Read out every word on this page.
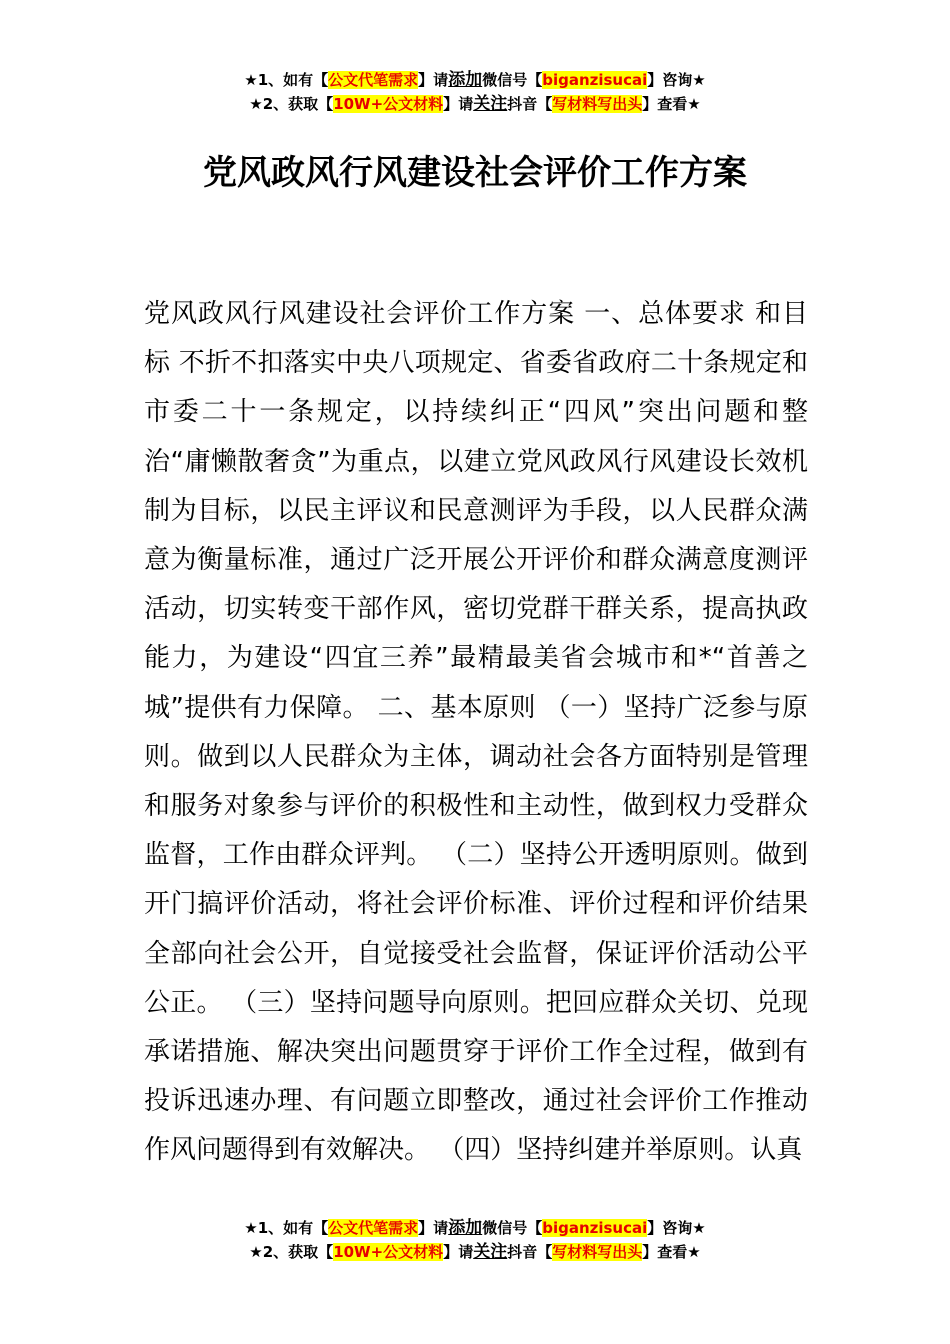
★1、如有【公文代笔需求】请添加微信号【biganzisucai】咨询★
★2、获取【10W+公文材料】请关注抖音【写材料写出头】查看★
党风政风行风建设社会评价工作方案

党风政风行风建设社会评价工作方案 一、总体要求 和目标 不折不扣落实中央八项规定、省委省政府二十条规定和市委二十一条规定，以持续纠正“四风”突出问题和整治“庸懒散奢贪”为重点，以建立党风政风行风建设长效机制为目标，以民主评议和民意测评为手段，以人民群众满意为衡量标准，通过广泛开展公开评价和群众满意度测评活动，切实转变干部作风，密切党群干群关系，提高执政能力，为建设“四宜三养”最精最美省会城市和*“首善之城”提供有力保障。 二、基本原则 （一）坚持广泛参与原则。做到以人民群众为主体，调动社会各方面特别是管理和服务对象参与评价的积极性和主动性，做到权力受群众监督，工作由群众评判。 （二）坚持公开透明原则。做到开门搞评价活动，将社会评价标准、评价过程和评价结果全部向社会公开，自觉接受社会监督，保证评价活动公平公正。 （三）坚持问题导向原则。把回应群众关切、兑现承诺措施、解决突出问题贯穿于评价工作全过程，做到有投诉迅速办理、有问题立即整改，通过社会评价工作推动作风问题得到有效解决。 （四）坚持纠建并举原则。认真

★1、如有【公文代笔需求】请添加微信号【biganzisucai】咨询★
★2、获取【10W+公文材料】请关注抖音【写材料写出头】查看★
